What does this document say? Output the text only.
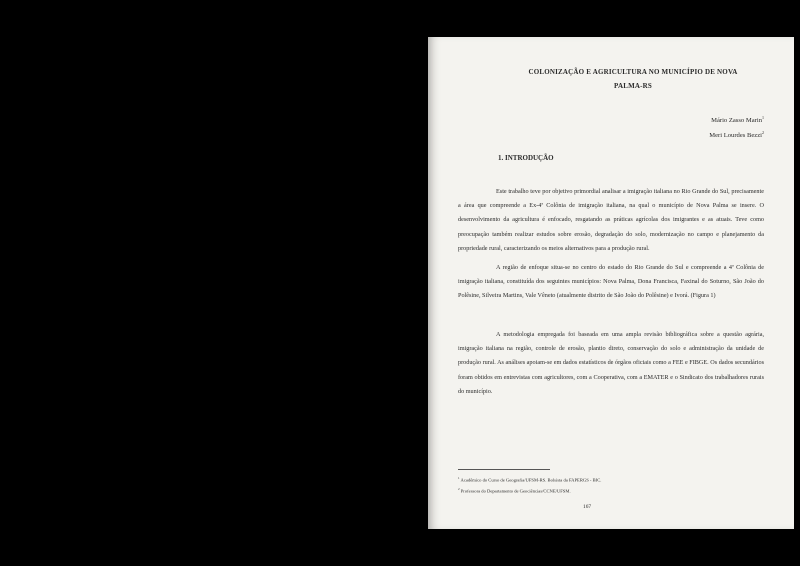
COLONIZAÇÃO E AGRICULTURA NO MUNICÍPIO DE NOVA
PALMA-RS
Mário Zasso Marin$^1$
Meri Lourdes Bezzi$^2$
1. INTRODUÇÃO

Este trabalho teve por objetivo primordial analisar a imigração italiana no Rio Grande do Sul, precisamente a área que compreende a Ex-4ª Colônia de imigração italiana, na qual o município de Nova Palma se insere. O desenvolvimento da agricultura é enfocado, resgatando as práticas agrícolas dos imigrantes e as atuais. Teve como preocupação também realizar estudos sobre erosão, degradação do solo, modernização no campo e planejamento da propriedade rural, caracterizando os meios alternativos para a produção rural.

A região de enfoque situa-se no centro do estado do Rio Grande do Sul e compreende a 4ª Colônia de imigração italiana, constituída dos seguintes municípios: Nova Palma, Dona Francisca, Faxinal do Soturno, São João do Polêsine, Silveira Martins, Vale Vêneto (atualmente distrito de São João do Polêsine) e Ivorá. (Figura 1)

A metodologia empregada foi baseada em uma ampla revisão bibliográfica sobre a questão agrária, imigração italiana na região, controle de erosão, plantio direto, conservação do solo e administração da unidade de produção rural. As análises apoiam-se em dados estatísticos de órgãos oficiais como a FEE e FIBGE. Os dados secundários foram obtidos em entrevistas com agricultores, com a Cooperativa, com a EMATER e o Sindicato dos trabalhadores rurais do município.

$^1$ Acadêmico do Curso de Geografia/UFSM-RS. Bolsista da FAPERGS - BIC.
$^2$ Professora do Departamento de Geociências/CCNE/UFSM.
167
